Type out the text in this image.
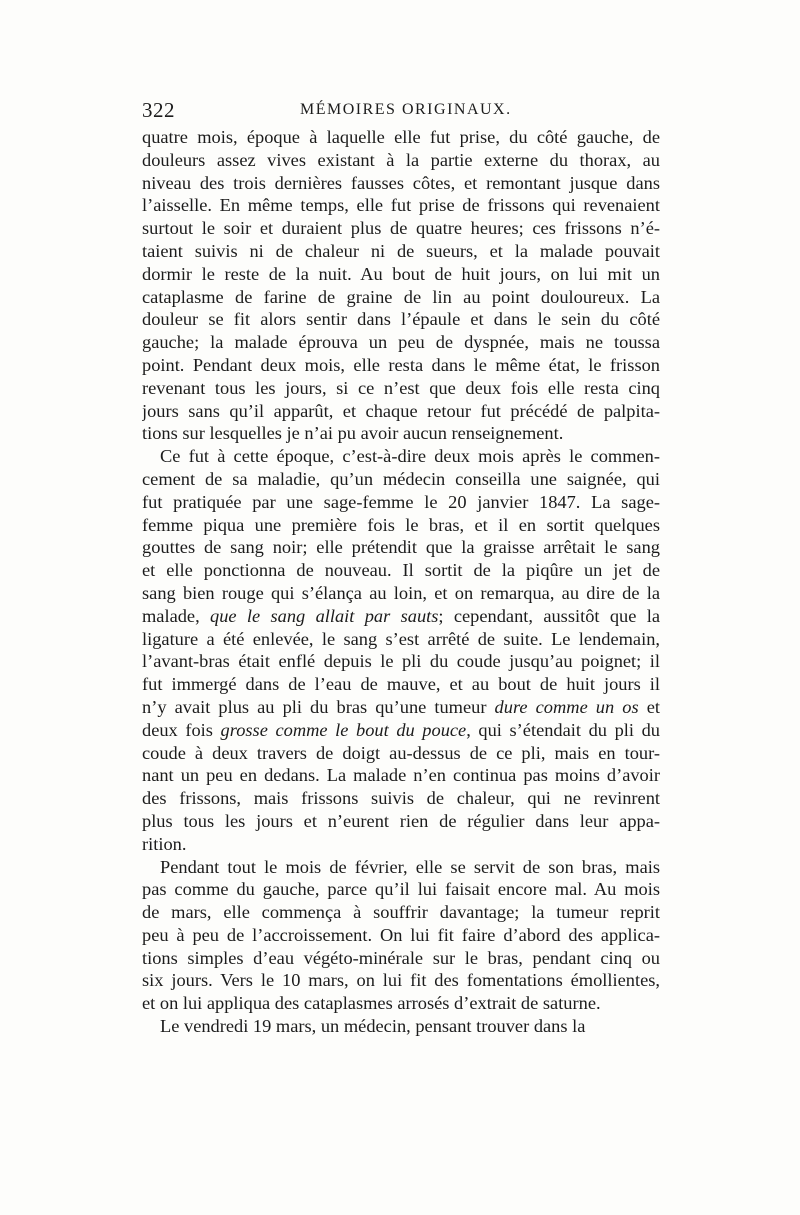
322	MÉMOIRES ORIGINAUX.
quatre mois, époque à laquelle elle fut prise, du côté gauche, de
douleurs assez vives existant à la partie externe du thorax, au
niveau des trois dernières fausses côtes, et remontant jusque dans
l’aisselle. En même temps, elle fut prise de frissons qui revenaient
surtout le soir et duraient plus de quatre heures; ces frissons n’é-
taient suivis ni de chaleur ni de sueurs, et la malade pouvait
dormir le reste de la nuit. Au bout de huit jours, on lui mit un
cataplasme de farine de graine de lin au point douloureux. La
douleur se fit alors sentir dans l’épaule et dans le sein du côté
gauche; la malade éprouva un peu de dyspnée, mais ne toussa
point. Pendant deux mois, elle resta dans le même état, le frisson
revenant tous les jours, si ce n’est que deux fois elle resta cinq
jours sans qu’il apparût, et chaque retour fut précédé de palpita-
tions sur lesquelles je n’ai pu avoir aucun renseignement.
Ce fut à cette époque, c’est-à-dire deux mois après le commen-
cement de sa maladie, qu’un médecin conseilla une saignée, qui
fut pratiquée par une sage-femme le 20 janvier 1847. La sage-
femme piqua une première fois le bras, et il en sortit quelques
gouttes de sang noir; elle prétendit que la graisse arrêtait le sang
et elle ponctionna de nouveau. Il sortit de la piqûre un jet de
sang bien rouge qui s’élança au loin, et on remarqua, au dire de la
malade, que le sang allait par sauts; cependant, aussitôt que la
ligature a été enlevée, le sang s’est arrêté de suite. Le lendemain,
l’avant-bras était enflé depuis le pli du coude jusqu’au poignet; il
fut immergé dans de l’eau de mauve, et au bout de huit jours il
n’y avait plus au pli du bras qu’une tumeur dure comme un os et
deux fois grosse comme le bout du pouce, qui s’étendait du pli du
coude à deux travers de doigt au-dessus de ce pli, mais en tour-
nant un peu en dedans. La malade n’en continua pas moins d’avoir
des frissons, mais frissons suivis de chaleur, qui ne revinrent
plus tous les jours et n’eurent rien de régulier dans leur appa-
rition.
Pendant tout le mois de février, elle se servit de son bras, mais
pas comme du gauche, parce qu’il lui faisait encore mal. Au mois
de mars, elle commença à souffrir davantage; la tumeur reprit
peu à peu de l’accroissement. On lui fit faire d’abord des applica-
tions simples d’eau végéto-minérale sur le bras, pendant cinq ou
six jours. Vers le 10 mars, on lui fit des fomentations émollientes,
et on lui appliqua des cataplasmes arrosés d’extrait de saturne.
Le vendredi 19 mars, un médecin, pensant trouver dans la
